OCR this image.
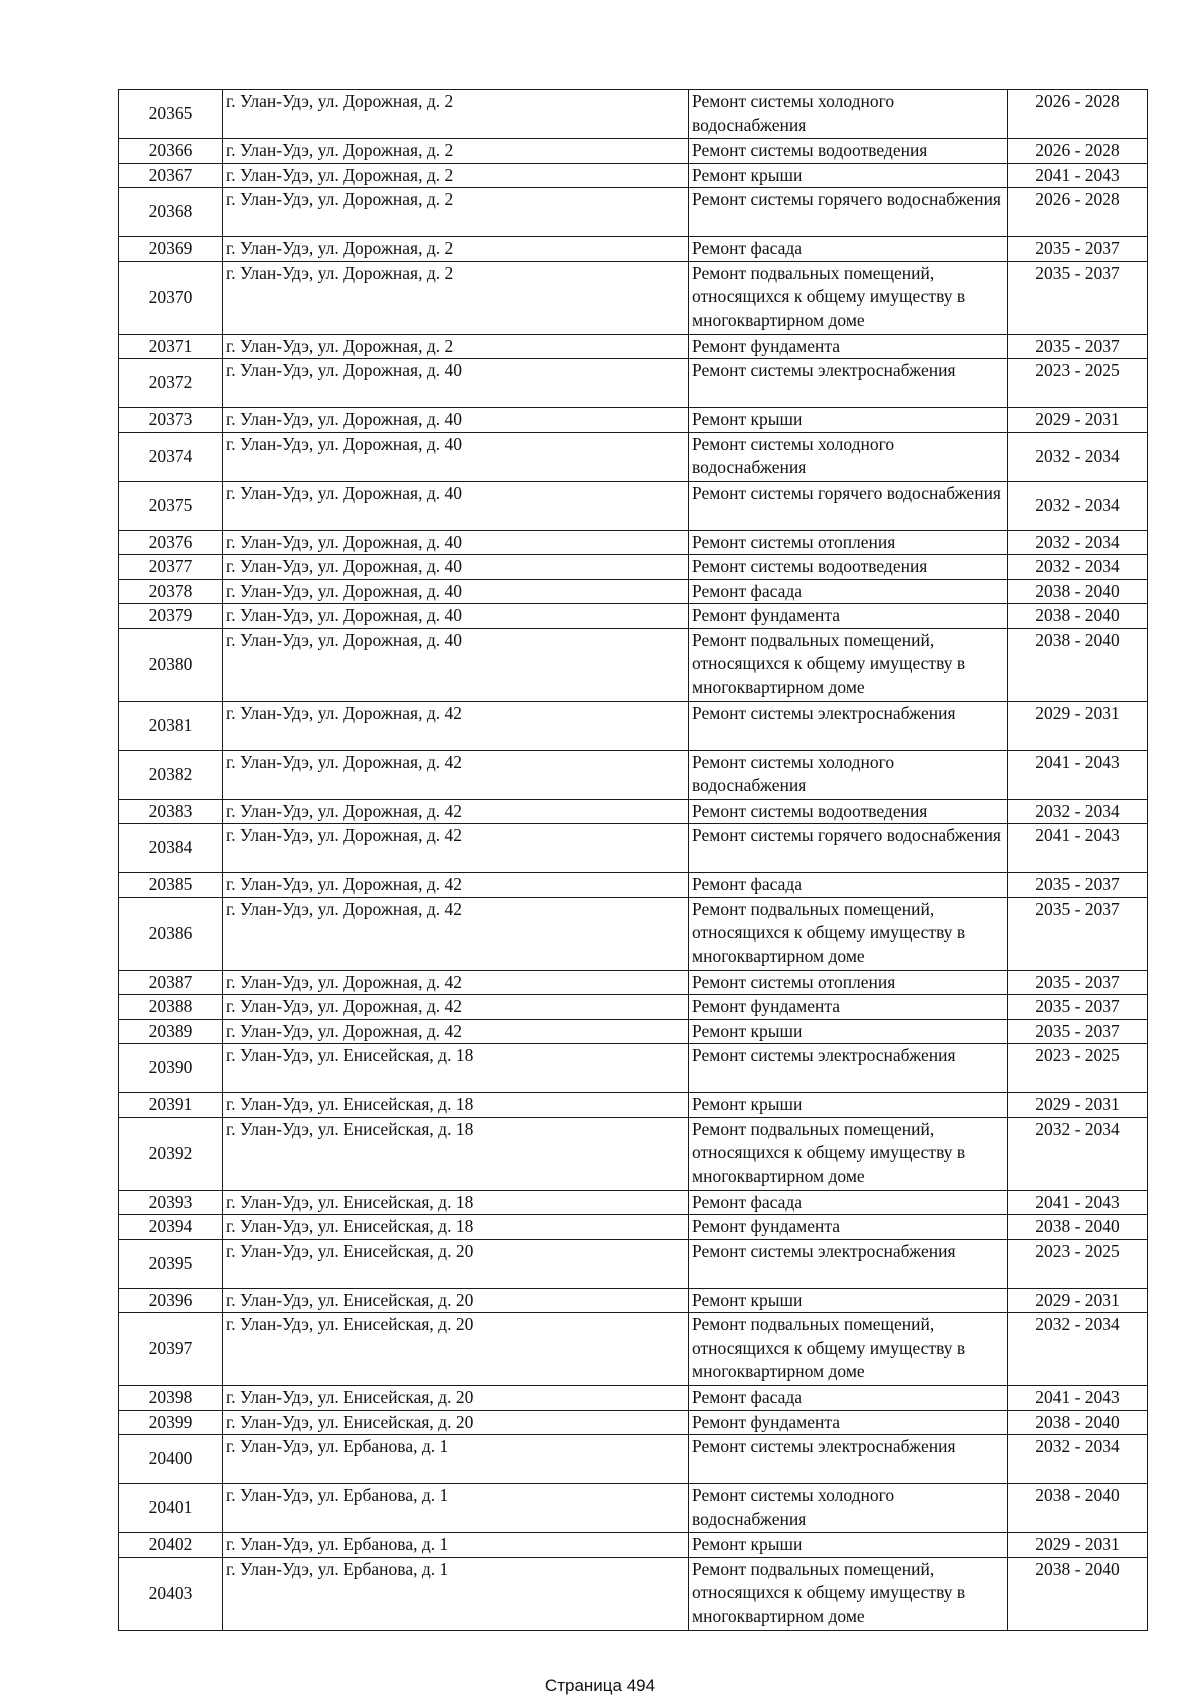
20365	г. Улан-Удэ, ул. Дорожная, д. 2	Ремонт системы холодного водоснабжения	2026 - 2028
20366	г. Улан-Удэ, ул. Дорожная, д. 2	Ремонт системы водоотведения	2026 - 2028
20367	г. Улан-Удэ, ул. Дорожная, д. 2	Ремонт крыши	2041 - 2043
20368	г. Улан-Удэ, ул. Дорожная, д. 2	Ремонт системы горячего водоснабжения	2026 - 2028
20369	г. Улан-Удэ, ул. Дорожная, д. 2	Ремонт фасада	2035 - 2037
20370	г. Улан-Удэ, ул. Дорожная, д. 2	Ремонт подвальных помещений, относящихся к общему имуществу в многоквартирном доме	2035 - 2037
20371	г. Улан-Удэ, ул. Дорожная, д. 2	Ремонт фундамента	2035 - 2037
20372	г. Улан-Удэ, ул. Дорожная, д. 40	Ремонт системы электроснабжения	2023 - 2025
20373	г. Улан-Удэ, ул. Дорожная, д. 40	Ремонт крыши	2029 - 2031
20374	г. Улан-Удэ, ул. Дорожная, д. 40	Ремонт системы холодного водоснабжения	2032 - 2034
20375	г. Улан-Удэ, ул. Дорожная, д. 40	Ремонт системы горячего водоснабжения	2032 - 2034
20376	г. Улан-Удэ, ул. Дорожная, д. 40	Ремонт системы отопления	2032 - 2034
20377	г. Улан-Удэ, ул. Дорожная, д. 40	Ремонт системы водоотведения	2032 - 2034
20378	г. Улан-Удэ, ул. Дорожная, д. 40	Ремонт фасада	2038 - 2040
20379	г. Улан-Удэ, ул. Дорожная, д. 40	Ремонт фундамента	2038 - 2040
20380	г. Улан-Удэ, ул. Дорожная, д. 40	Ремонт подвальных помещений, относящихся к общему имуществу в многоквартирном доме	2038 - 2040
20381	г. Улан-Удэ, ул. Дорожная, д. 42	Ремонт системы электроснабжения	2029 - 2031
20382	г. Улан-Удэ, ул. Дорожная, д. 42	Ремонт системы холодного водоснабжения	2041 - 2043
20383	г. Улан-Удэ, ул. Дорожная, д. 42	Ремонт системы водоотведения	2032 - 2034
20384	г. Улан-Удэ, ул. Дорожная, д. 42	Ремонт системы горячего водоснабжения	2041 - 2043
20385	г. Улан-Удэ, ул. Дорожная, д. 42	Ремонт фасада	2035 - 2037
20386	г. Улан-Удэ, ул. Дорожная, д. 42	Ремонт подвальных помещений, относящихся к общему имуществу в многоквартирном доме	2035 - 2037
20387	г. Улан-Удэ, ул. Дорожная, д. 42	Ремонт системы отопления	2035 - 2037
20388	г. Улан-Удэ, ул. Дорожная, д. 42	Ремонт фундамента	2035 - 2037
20389	г. Улан-Удэ, ул. Дорожная, д. 42	Ремонт крыши	2035 - 2037
20390	г. Улан-Удэ, ул. Енисейская, д. 18	Ремонт системы электроснабжения	2023 - 2025
20391	г. Улан-Удэ, ул. Енисейская, д. 18	Ремонт крыши	2029 - 2031
20392	г. Улан-Удэ, ул. Енисейская, д. 18	Ремонт подвальных помещений, относящихся к общему имуществу в многоквартирном доме	2032 - 2034
20393	г. Улан-Удэ, ул. Енисейская, д. 18	Ремонт фасада	2041 - 2043
20394	г. Улан-Удэ, ул. Енисейская, д. 18	Ремонт фундамента	2038 - 2040
20395	г. Улан-Удэ, ул. Енисейская, д. 20	Ремонт системы электроснабжения	2023 - 2025
20396	г. Улан-Удэ, ул. Енисейская, д. 20	Ремонт крыши	2029 - 2031
20397	г. Улан-Удэ, ул. Енисейская, д. 20	Ремонт подвальных помещений, относящихся к общему имуществу в многоквартирном доме	2032 - 2034
20398	г. Улан-Удэ, ул. Енисейская, д. 20	Ремонт фасада	2041 - 2043
20399	г. Улан-Удэ, ул. Енисейская, д. 20	Ремонт фундамента	2038 - 2040
20400	г. Улан-Удэ, ул. Ербанова, д. 1	Ремонт системы электроснабжения	2032 - 2034
20401	г. Улан-Удэ, ул. Ербанова, д. 1	Ремонт системы холодного водоснабжения	2038 - 2040
20402	г. Улан-Удэ, ул. Ербанова, д. 1	Ремонт крыши	2029 - 2031
20403	г. Улан-Удэ, ул. Ербанова, д. 1	Ремонт подвальных помещений, относящихся к общему имуществу в многоквартирном доме	2038 - 2040
Страница 494
